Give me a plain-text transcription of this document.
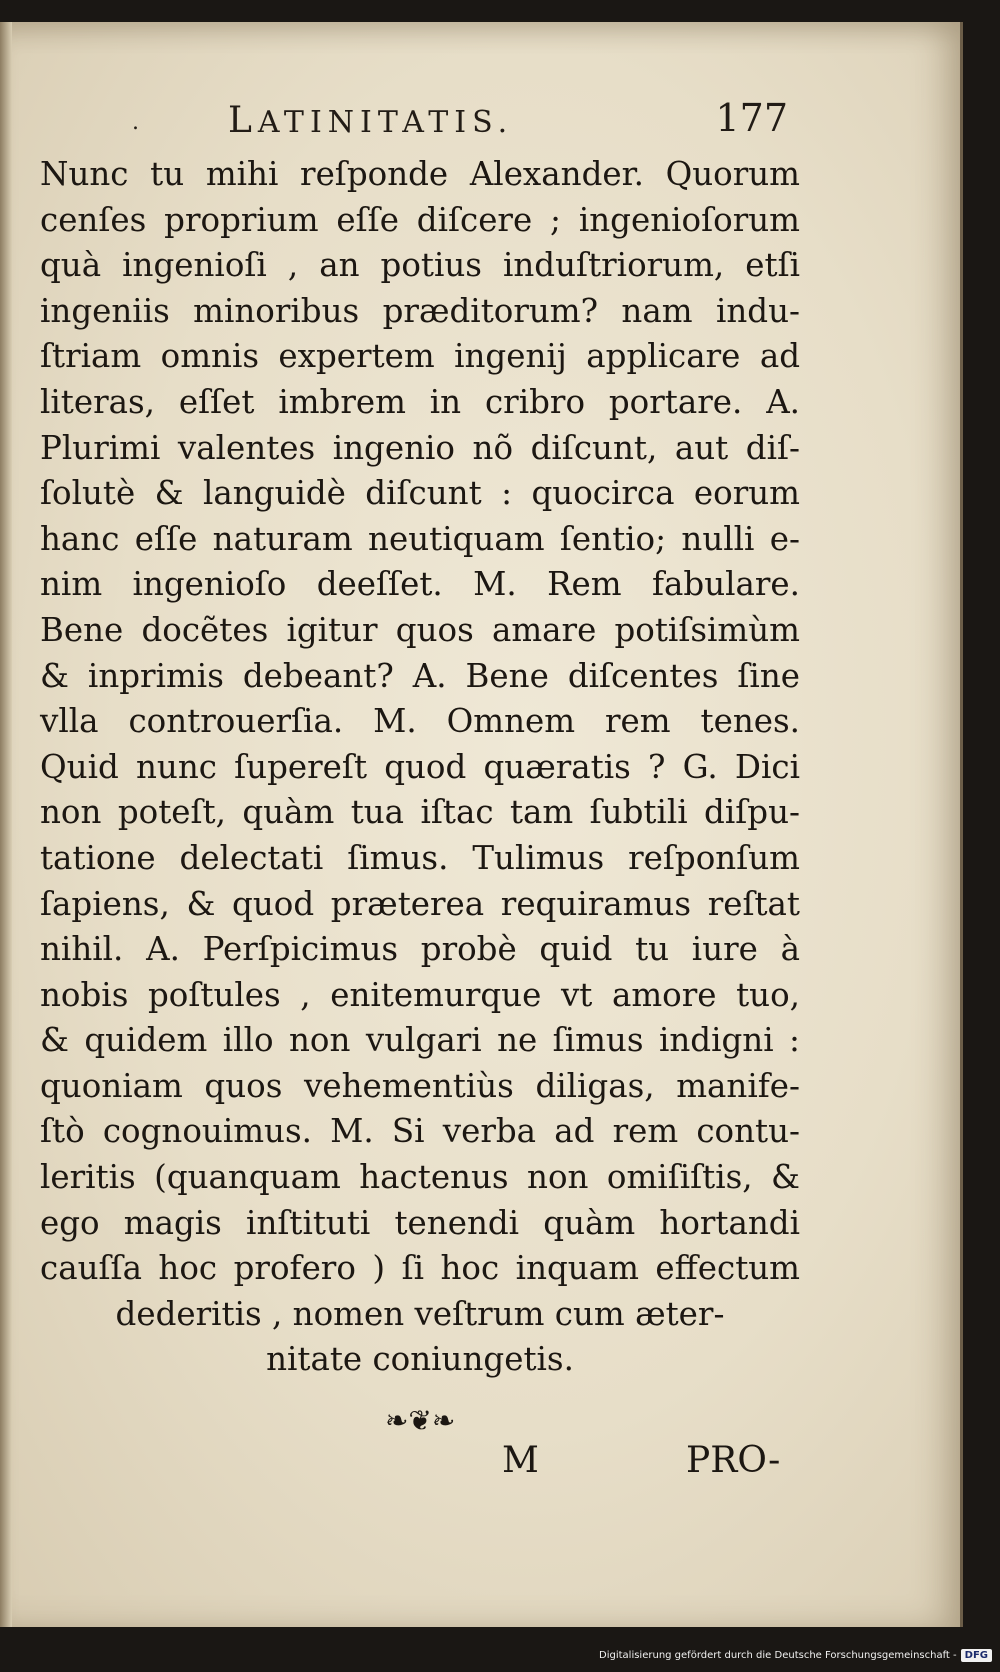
.	LATINITATIS.	177
Nunc tu mihi reſponde Alexander. Quorum
cenſes proprium eſſe diſcere ; ingenioſorum
quà ingenioſi , an potius induſtriorum, etſi
ingeniis minoribus præditorum? nam indu-
ſtriam omnis expertem ingenij applicare ad
literas, eſſet imbrem in cribro portare. A.
Plurimi valentes ingenio nõ diſcunt, aut diſ-
ſolutè & languidè diſcunt : quocirca eorum
hanc eſſe naturam neutiquam ſentio; nulli e-
nim ingenioſo deeſſet. M. Rem fabulare.
Bene docẽtes igitur quos amare potiſsimùm
& inprimis debeant? A. Bene diſcentes ſine
vlla controuerſia. M. Omnem rem tenes.
Quid nunc ſupereſt quod quæratis ? G. Dici
non poteſt, quàm tua iſtac tam ſubtili diſpu-
tatione delectati ſimus. Tulimus reſponſum
ſapiens, & quod præterea requiramus reſtat
nihil. A. Perſpicimus probè quid tu iure à
nobis poſtules , enitemurque vt amore tuo,
& quidem illo non vulgari ne ſimus indigni :
quoniam quos vehementiùs diligas, manife-
ſtò cognouimus. M. Si verba ad rem contu-
leritis (quanquam hactenus non omiſiſtis, &
ego magis inſtituti tenendi quàm hortandi
cauſſa hoc profero ) ſi hoc inquam effectum
dederitis , nomen veſtrum cum æter-
nitate coniungetis.
❧❦❧
M	PRO-
Digitalisierung gefördert durch die Deutsche Forschungsgemeinschaft - DFG
